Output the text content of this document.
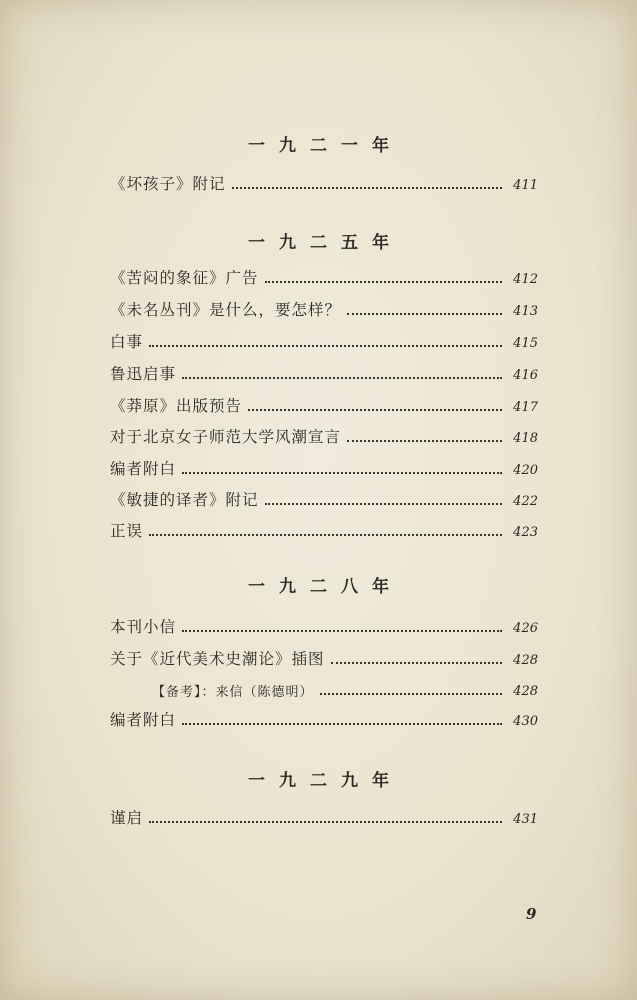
一九二一年
《坏孩子》附记	411
一九二五年
《苦闷的象征》广告	412
《未名丛刊》是什么，要怎样？	413
白事	415
鲁迅启事	416
《莽原》出版预告	417
对于北京女子师范大学风潮宣言	418
编者附白	420
《敏捷的译者》附记	422
正误	423
一九二八年
本刊小信	426
关于《近代美术史潮论》插图	428
【备考】：来信（陈德明）	428
编者附白	430
一九二九年
谨启	431
9
